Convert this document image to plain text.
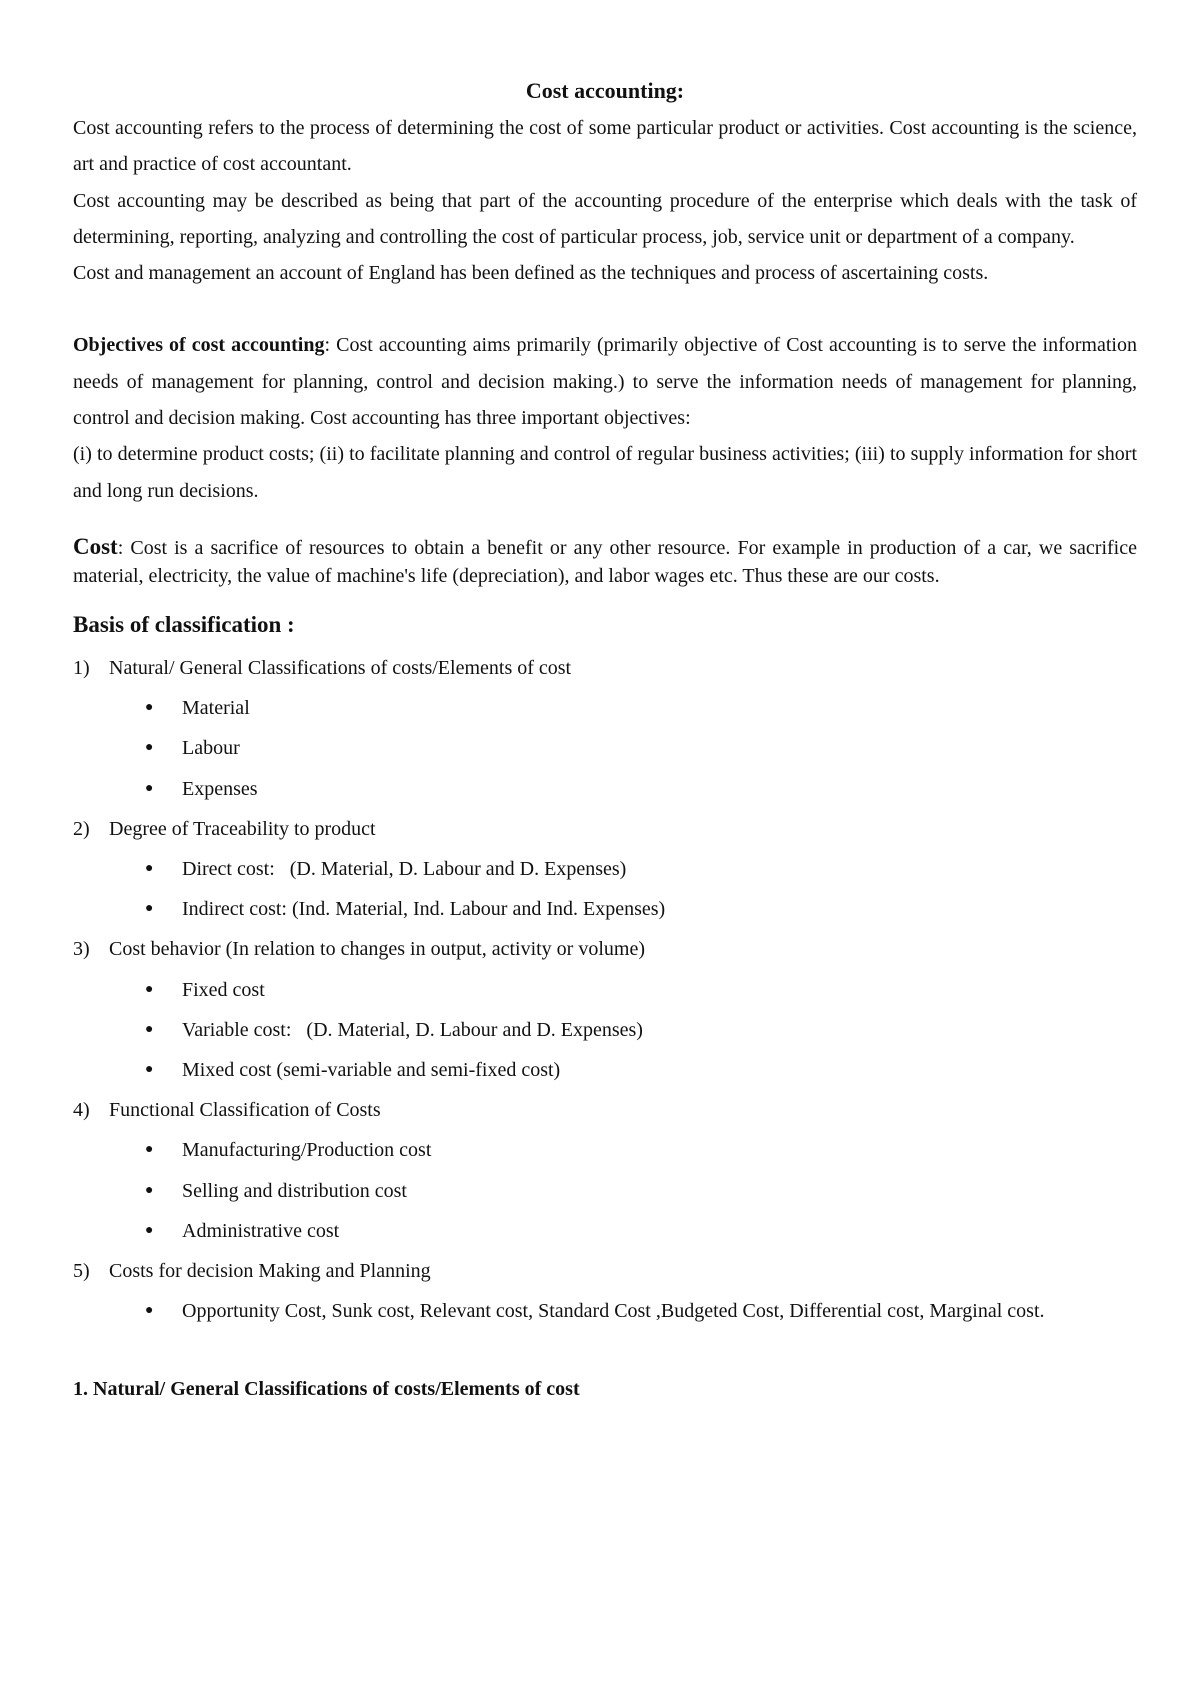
Cost accounting:

Cost accounting refers to the process of determining the cost of some particular product or activities. Cost accounting is the science, art and practice of cost accountant.

Cost accounting may be described as being that part of the accounting procedure of the enterprise which deals with the task of determining, reporting, analyzing and controlling the cost of particular process, job, service unit or department of a company.

Cost and management an account of England has been defined as the techniques and process of ascertaining costs.

Objectives of cost accounting: Cost accounting aims primarily (primarily objective of Cost accounting is to serve the information needs of management for planning, control and decision making.) to serve the information needs of management for planning, control and decision making. Cost accounting has three important objectives:

(i) to determine product costs; (ii) to facilitate planning and control of regular business activities; (iii) to supply information for short and long run decisions.

Cost: Cost is a sacrifice of resources to obtain a benefit or any other resource. For example in production of a car, we sacrifice material, electricity, the value of machine's life (depreciation), and labor wages etc. Thus these are our costs.

Basis of classification :
1) Natural/ General Classifications of costs/Elements of cost
●	Material
●	Labour
●	Expenses
2) Degree of Traceability to product
●	Direct cost:   (D. Material, D. Labour and D. Expenses)
●	Indirect cost: (Ind. Material, Ind. Labour and Ind. Expenses)
3) Cost behavior (In relation to changes in output, activity or volume)
●	Fixed cost
●	Variable cost:   (D. Material, D. Labour and D. Expenses)
●	Mixed cost (semi-variable and semi-fixed cost)
4) Functional Classification of Costs
●	Manufacturing/Production cost
●	Selling and distribution cost
●	Administrative cost
5) Costs for decision Making and Planning
●	Opportunity Cost, Sunk cost, Relevant cost, Standard Cost ,Budgeted Cost, Differential cost, Marginal cost.
1. Natural/ General Classifications of costs/Elements of cost
